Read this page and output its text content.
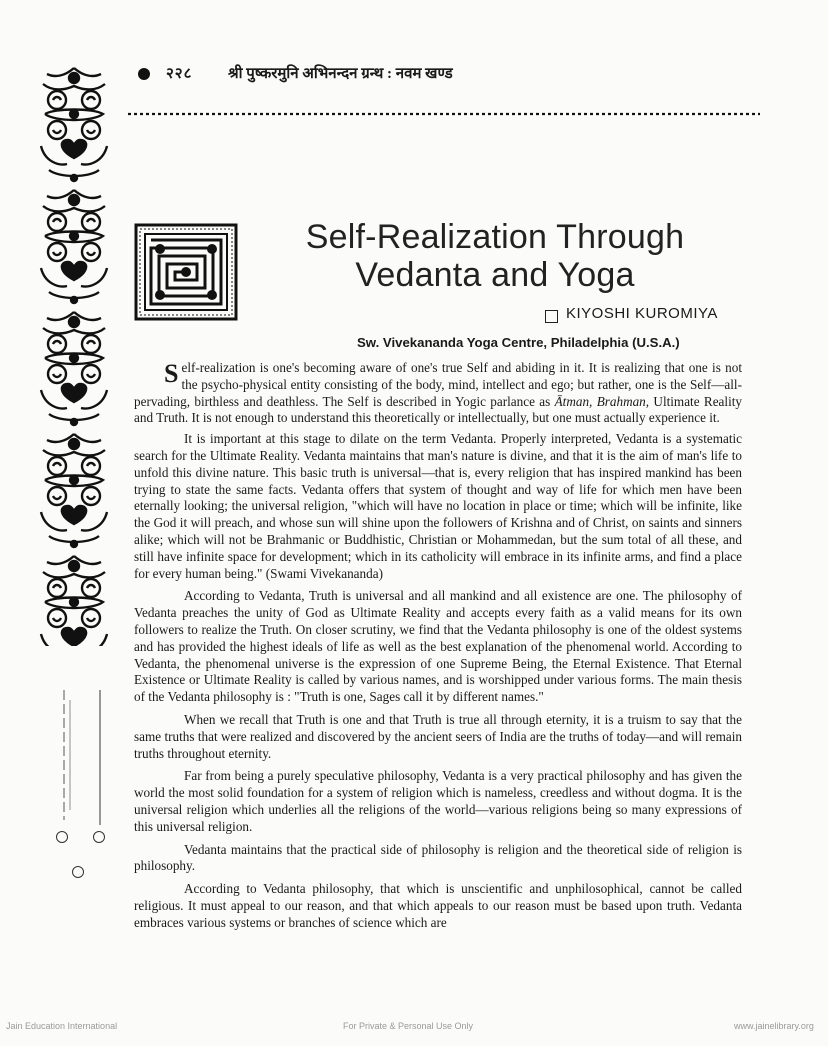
२२८ श्री पुष्करमुनि अभिनन्दन ग्रन्थ : नवम खण्ड
Self-Realization Through
Vedanta and Yoga
KIYOSHI KUROMIYA
Sw. Vivekananda Yoga Centre, Philadelphia (U.S.A.)

Self-realization is one's becoming aware of one's true Self and abiding in it. It is realizing that one is not the psycho-physical entity consisting of the body, mind, intellect and ego; but rather, one is the Self—all-pervading, birthless and deathless. The Self is described in Yogic parlance as Ātman, Brahman, Ultimate Reality and Truth. It is not enough to understand this theoretically or intellectually, but one must actually experience it.

It is important at this stage to dilate on the term Vedanta. Properly interpreted, Vedanta is a systematic search for the Ultimate Reality. Vedanta maintains that man's nature is divine, and that it is the aim of man's life to unfold this divine nature. This basic truth is universal—that is, every religion that has inspired mankind has been trying to state the same facts. Vedanta offers that system of thought and way of life for which men have been eternally looking; the universal religion, "which will have no location in place or time; which will be infinite, like the God it will preach, and whose sun will shine upon the followers of Krishna and of Christ, on saints and sinners alike; which will not be Brahmanic or Buddhistic, Christian or Mohammedan, but the sum total of all these, and still have infinite space for development; which in its catholicity will embrace in its infinite arms, and find a place for every human being." (Swami Vivekananda)

According to Vedanta, Truth is universal and all mankind and all existence are one. The philosophy of Vedanta preaches the unity of God as Ultimate Reality and accepts every faith as a valid means for its own followers to realize the Truth. On closer scrutiny, we find that the Vedanta philosophy is one of the oldest systems and has provided the highest ideals of life as well as the best explanation of the phenomenal world. According to Vedanta, the phenomenal universe is the expression of one Supreme Being, the Eternal Existence. That Eternal Existence or Ultimate Reality is called by various names, and is worshipped under various forms. The main thesis of the Vedanta philosophy is : "Truth is one, Sages call it by different names."

When we recall that Truth is one and that Truth is true all through eternity, it is a truism to say that the same truths that were realized and discovered by the ancient seers of India are the truths of today—and will remain truths throughout eternity.

Far from being a purely speculative philosophy, Vedanta is a very practical philosophy and has given the world the most solid foundation for a system of religion which is nameless, creedless and without dogma. It is the universal religion which underlies all the religions of the world—various religions being so many expressions of this universal religion.

Vedanta maintains that the practical side of philosophy is religion and the theoretical side of religion is philosophy.

According to Vedanta philosophy, that which is unscientific and unphilosophical, cannot be called religious. It must appeal to our reason, and that which appeals to our reason must be based upon truth. Vedanta embraces various systems or branches of science which are

Jain Education International	For Private & Personal Use Only	www.jainelibrary.org
